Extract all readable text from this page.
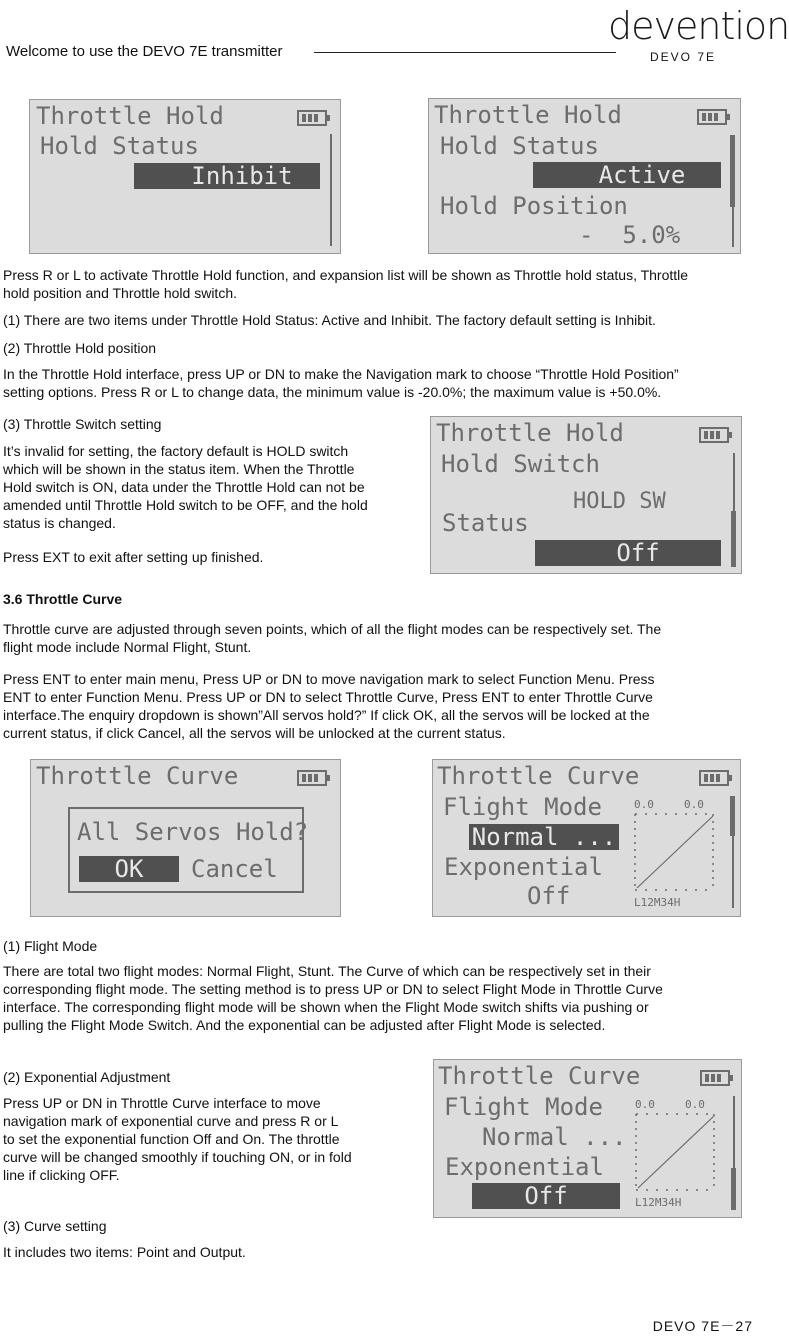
Welcome to use the DEVO 7E transmitter
devention
DEVO 7E
Throttle Hold
Hold Status
Inhibit
Throttle Hold
Hold Status
Active
Hold Position
-  5.0%
Press R or L to activate Throttle Hold function, and expansion list will be shown as Throttle hold status, Throttle
hold position and Throttle hold switch.
(1) There are two items under Throttle Hold Status: Active and Inhibit. The factory default setting is Inhibit.
(2) Throttle Hold position
In the Throttle Hold interface, press UP or DN to make the Navigation mark to choose “Throttle Hold Position”
setting options. Press R or L to change data, the minimum value is -20.0%; the maximum value is +50.0%.
(3) Throttle Switch setting
It’s invalid for setting, the factory default is HOLD switch
which will be shown in the status item. When the Throttle
Hold switch is ON, data under the Throttle Hold can not be
amended until Throttle Hold switch to be OFF, and the hold
status is changed.
Press EXT to exit after setting up finished.
Throttle Hold
Hold Switch
HOLD SW
Status
Off
3.6 Throttle Curve
Throttle curve are adjusted through seven points, which of all the flight modes can be respectively set. The
flight mode include Normal Flight, Stunt.
Press ENT to enter main menu, Press UP or DN to move navigation mark to select Function Menu. Press
ENT to enter Function Menu. Press UP or DN to select Throttle Curve, Press ENT to enter Throttle Curve
interface.The enquiry dropdown is shown”All servos hold?” If click OK, all the servos will be locked at the
current status, if click Cancel, all the servos will be unlocked at the current status.
Throttle Curve
All Servos Hold?
OK	Cancel
Throttle Curve
Flight Mode
Normal ...
Exponential
Off
0.0	0.0
L12M34H
(1) Flight Mode
There are total two flight modes: Normal Flight, Stunt. The Curve of which can be respectively set in their
corresponding flight mode. The setting method is to press UP or DN to select Flight Mode in Throttle Curve
interface. The corresponding flight mode will be shown when the Flight Mode switch shifts via pushing or
pulling the Flight Mode Switch. And the exponential can be adjusted after Flight Mode is selected.
(2) Exponential Adjustment
Press UP or DN in Throttle Curve interface to move
navigation mark of exponential curve and press R or L
to set the exponential function Off and On. The throttle
curve will be changed smoothly if touching ON, or in fold
line if clicking OFF.
Throttle Curve
Flight Mode
Normal ...
Exponential
Off
0.0	0.0
L12M34H
(3) Curve setting
It includes two items: Point and Output.
DEVO 7E－27
